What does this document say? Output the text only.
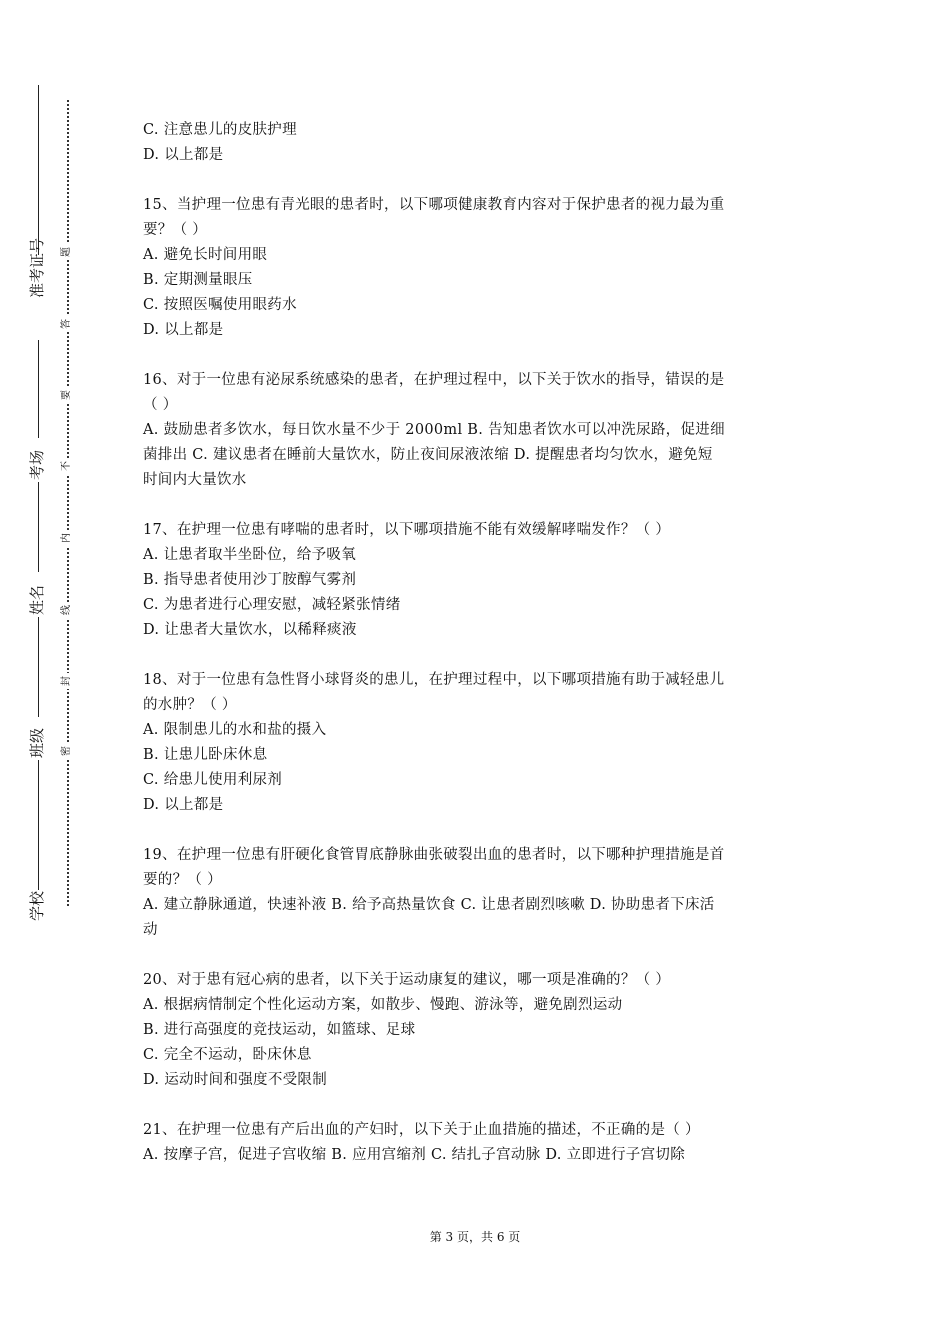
准考证号
考场
姓名
班级
学校
密
封
线
内
不
要
答
题
C. 注意患儿的皮肤护理
D. 以上都是
15、当护理一位患有青光眼的患者时，以下哪项健康教育内容对于保护患者的视力最为重
要？（ ）
A. 避免长时间用眼
B. 定期测量眼压
C. 按照医嘱使用眼药水
D. 以上都是
16、对于一位患有泌尿系统感染的患者，在护理过程中，以下关于饮水的指导，错误的是
（ ）
A. 鼓励患者多饮水，每日饮水量不少于 2000ml B. 告知患者饮水可以冲洗尿路，促进细
菌排出 C. 建议患者在睡前大量饮水，防止夜间尿液浓缩 D. 提醒患者均匀饮水，避免短
时间内大量饮水
17、在护理一位患有哮喘的患者时，以下哪项措施不能有效缓解哮喘发作？（ ）
A. 让患者取半坐卧位，给予吸氧
B. 指导患者使用沙丁胺醇气雾剂
C. 为患者进行心理安慰，减轻紧张情绪
D. 让患者大量饮水，以稀释痰液
18、对于一位患有急性肾小球肾炎的患儿，在护理过程中，以下哪项措施有助于减轻患儿
的水肿？（ ）
A. 限制患儿的水和盐的摄入
B. 让患儿卧床休息
C. 给患儿使用利尿剂
D. 以上都是
19、在护理一位患有肝硬化食管胃底静脉曲张破裂出血的患者时，以下哪种护理措施是首
要的？（ ）
A. 建立静脉通道，快速补液 B. 给予高热量饮食 C. 让患者剧烈咳嗽 D. 协助患者下床活
动
20、对于患有冠心病的患者，以下关于运动康复的建议，哪一项是准确的？（ ）
A. 根据病情制定个性化运动方案，如散步、慢跑、游泳等，避免剧烈运动
B. 进行高强度的竞技运动，如篮球、足球
C. 完全不运动，卧床休息
D. 运动时间和强度不受限制
21、在护理一位患有产后出血的产妇时，以下关于止血措施的描述，不正确的是（ ）
A. 按摩子宫，促进子宫收缩 B. 应用宫缩剂 C. 结扎子宫动脉 D. 立即进行子宫切除
第 3 页，共 6 页
